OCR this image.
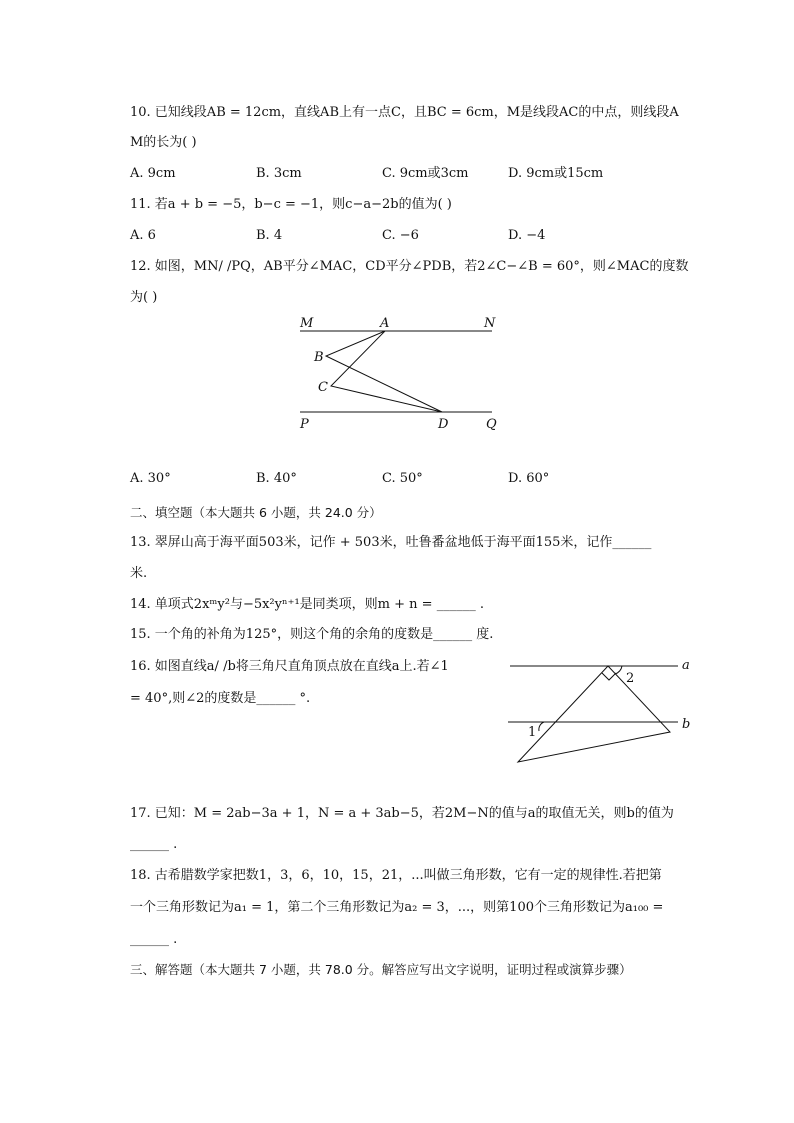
10. 已知线段AB = 12cm，直线AB上有一点C，且BC = 6cm，M是线段AC的中点，则线段A
M的长为( )
A. 9cm	B. 3cm	C. 9cm或3cm	D. 9cm或15cm
11. 若a + b = −5，b−c = −1，则c−a−2b的值为( )
A. 6	B. 4	C. −6	D. −4
12. 如图，MN/ /PQ，AB平分∠MAC，CD平分∠PDB，若2∠C−∠B = 60°，则∠MAC的度数
为( )
M	A	N
B
C
P	D	Q
A. 30°	B. 40°	C. 50°	D. 60°
二、填空题（本大题共 6 小题，共 24.0 分）
13. 翠屏山高于海平面503米，记作 + 503米，吐鲁番盆地低于海平面155米，记作______
米.
14. 单项式2xᵐy²与−5x²yⁿ⁺¹是同类项，则m + n = ______ .
15. 一个角的补角为125°，则这个角的余角的度数是______ 度.
16. 如图直线a/ /b将三角尺直角顶点放在直线a上.若∠1
= 40°,则∠2的度数是______ °.
a
b
2
1
17. 已知：M = 2ab−3a + 1，N = a + 3ab−5，若2M−N的值与a的取值无关，则b的值为
______ .
18. 古希腊数学家把数1，3，6，10，15，21，...叫做三角形数，它有一定的规律性.若把第
一个三角形数记为a₁ = 1，第二个三角形数记为a₂ = 3，...，则第100个三角形数记为a₁₀₀ =
______ .
三、解答题（本大题共 7 小题，共 78.0 分。解答应写出文字说明，证明过程或演算步骤）
